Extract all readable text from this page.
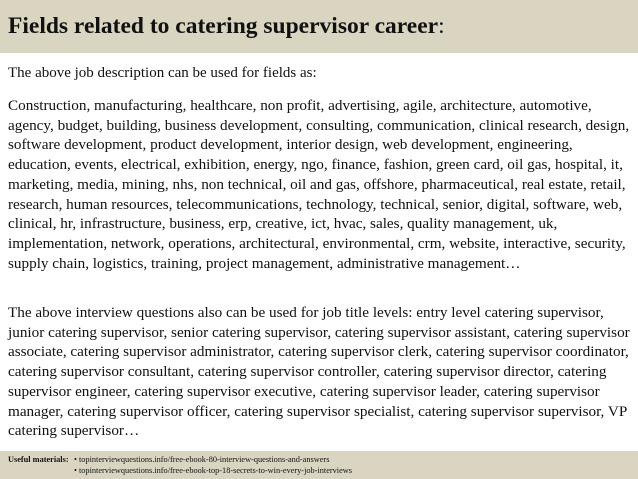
Fields related to catering supervisor career:
The above job description can be used for fields as:
Construction, manufacturing, healthcare, non profit, advertising, agile, architecture, automotive, agency, budget, building, business development, consulting, communication, clinical research, design, software development, product development, interior design, web development, engineering, education, events, electrical, exhibition, energy, ngo, finance, fashion, green card, oil gas, hospital, it, marketing, media, mining, nhs, non technical, oil and gas, offshore, pharmaceutical, real estate, retail, research, human resources, telecommunications, technology, technical, senior, digital, software, web, clinical, hr, infrastructure, business, erp, creative, ict, hvac, sales, quality management, uk, implementation, network, operations, architectural, environmental, crm, website, interactive, security, supply chain, logistics, training, project management, administrative management…
The above interview questions also can be used for job title levels: entry level catering supervisor, junior catering supervisor, senior catering supervisor, catering supervisor assistant, catering supervisor associate, catering supervisor administrator, catering supervisor clerk, catering supervisor coordinator, catering supervisor consultant, catering supervisor controller, catering supervisor director, catering supervisor engineer, catering supervisor executive, catering supervisor leader, catering supervisor manager, catering supervisor officer, catering supervisor specialist, catering supervisor supervisor, VP catering supervisor…
Useful materials: • topinterviewquestions.info/free-ebook-80-interview-questions-and-answers
• topinterviewquestions.info/free-ebook-top-18-secrets-to-win-every-job-interviews
